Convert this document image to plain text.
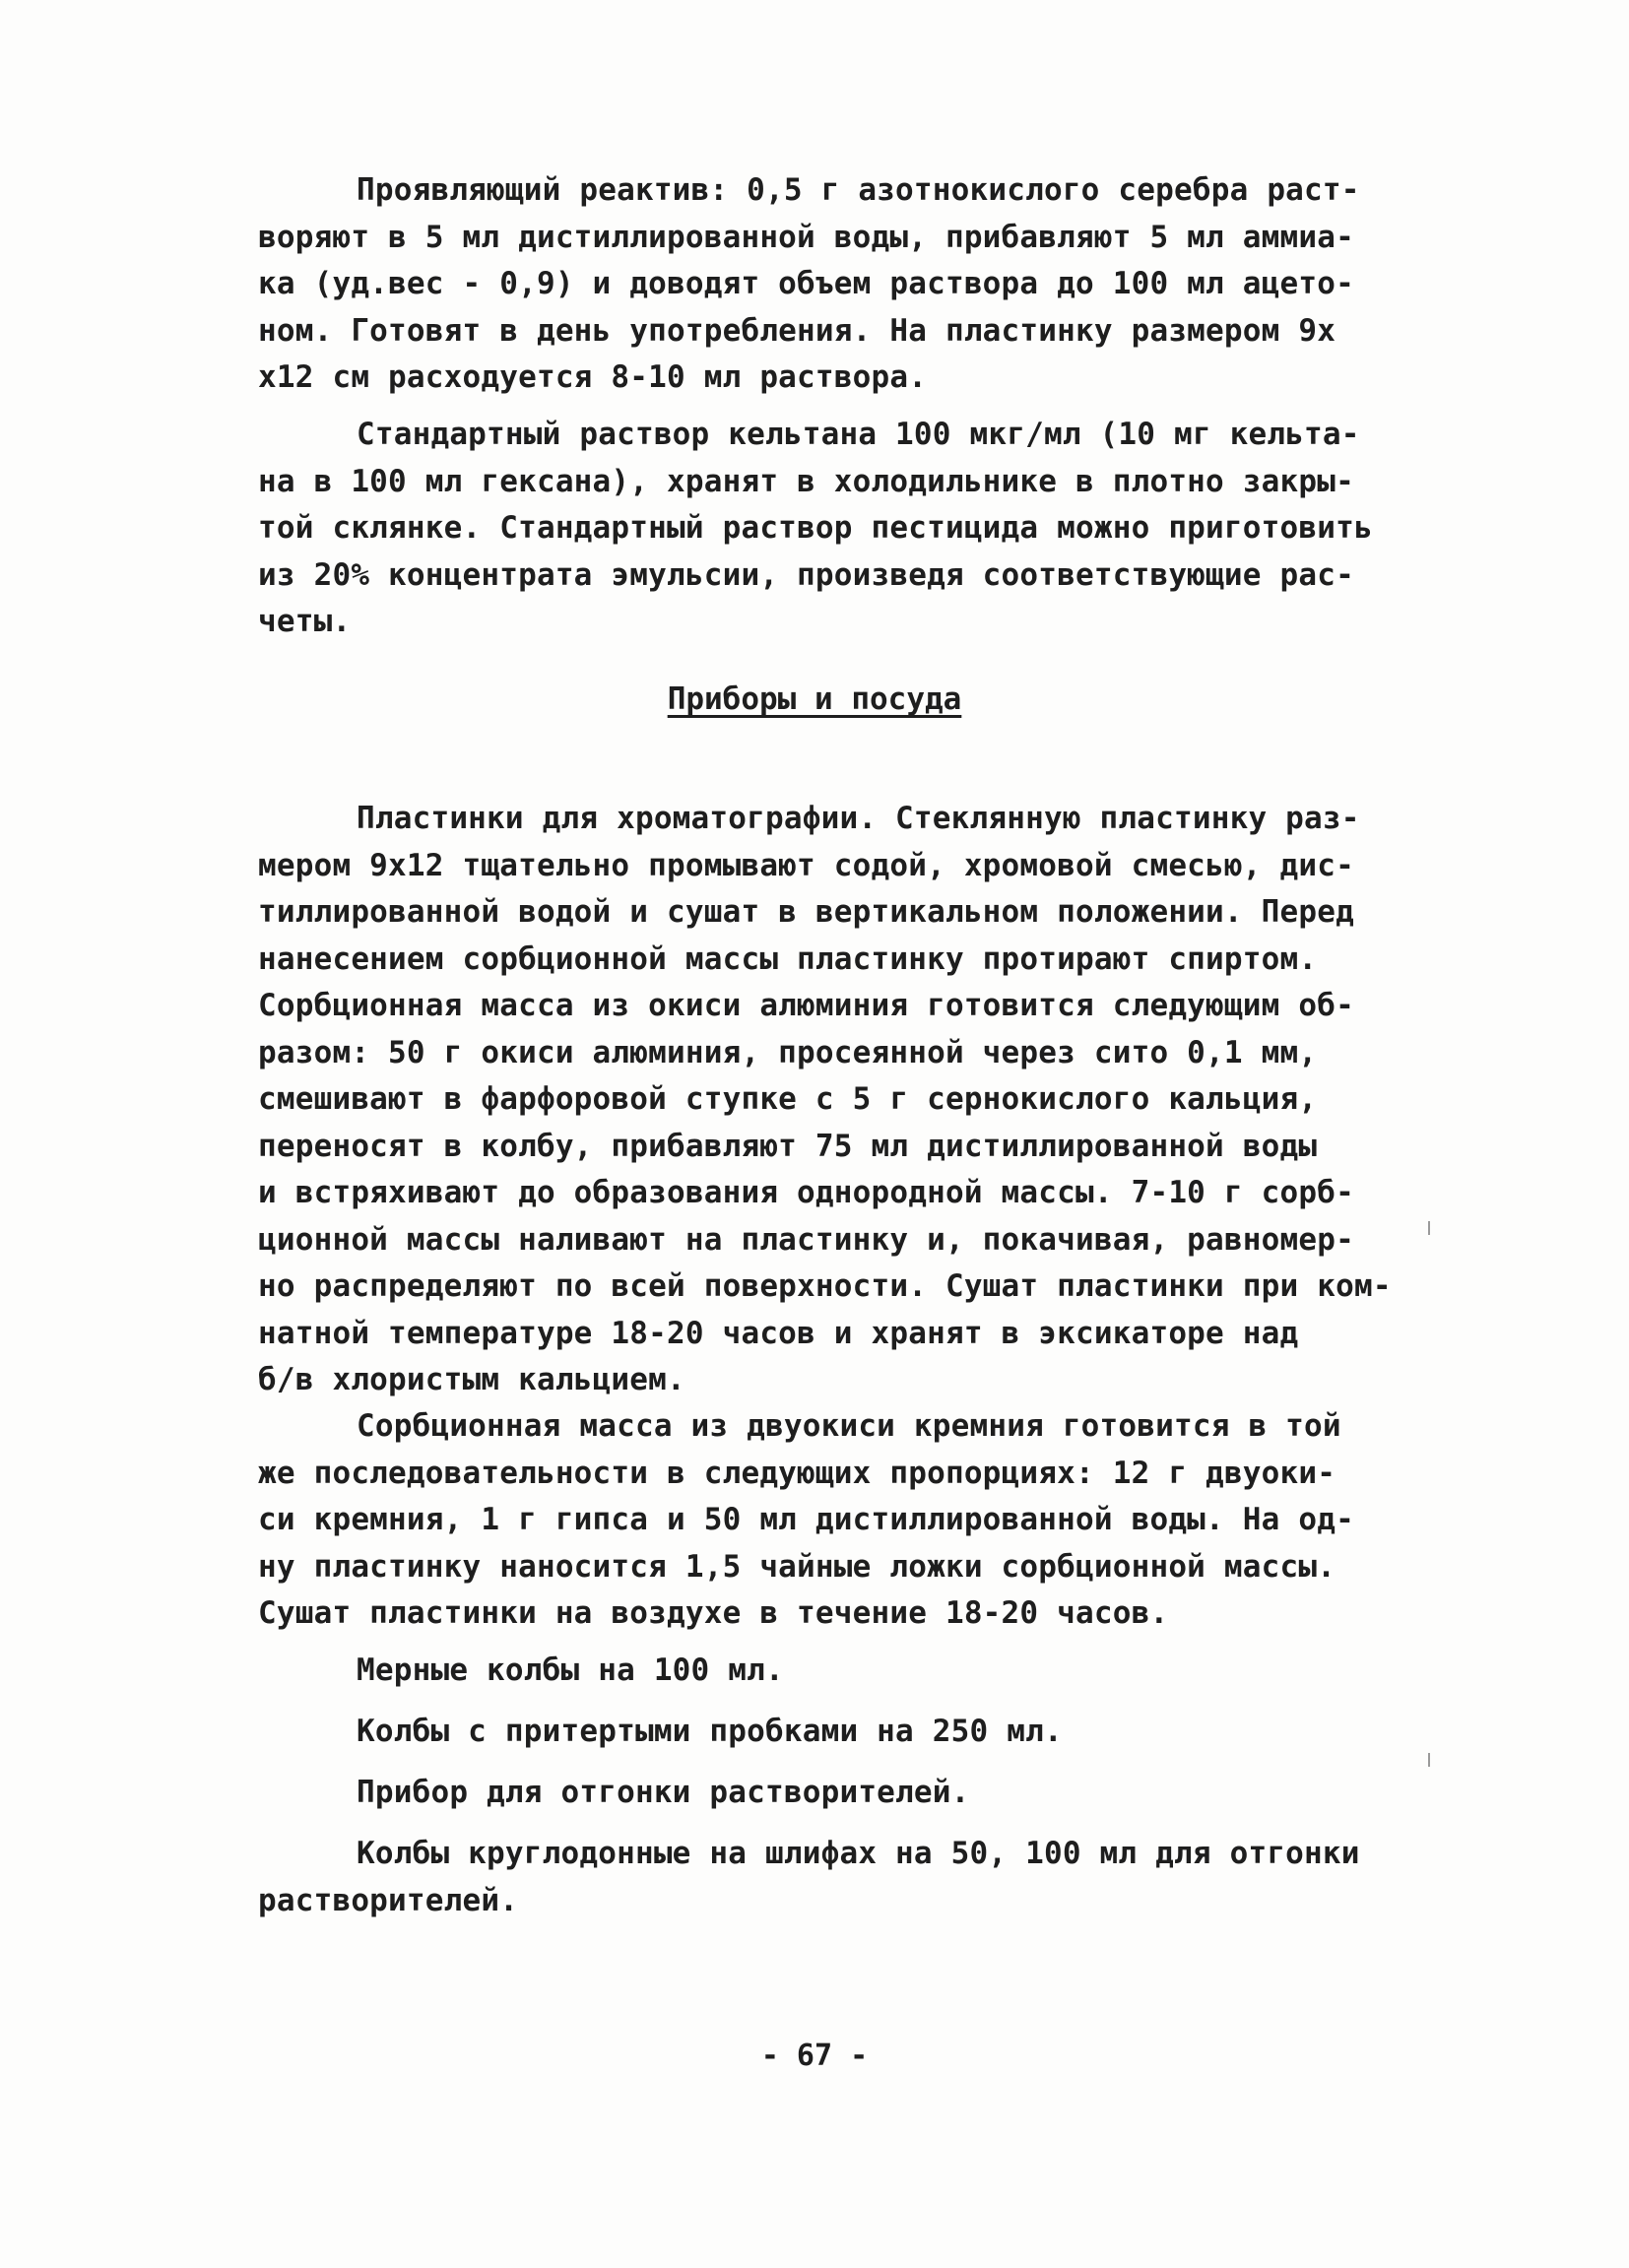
Проявляющий реактив: 0,5 г азотнокислого серебра раст-
воряют в 5 мл дистиллированной воды, прибавляют 5 мл аммиа-
ка (уд.вес - 0,9) и доводят объем раствора до 100 мл ацето-
ном. Готовят в день употребления. На пластинку размером 9х
х12 см расходуется 8-10 мл раствора.
Стандартный раствор кельтана 100 мкг/мл (10 мг кельта-
на в 100 мл гексана), хранят в холодильнике в плотно закры-
той склянке. Стандартный раствор пестицида можно приготовить
из 20% концентрата эмульсии, произведя соответствующие рас-
четы.
Приборы и посуда
Пластинки для хроматографии. Стеклянную пластинку раз-
мером 9х12 тщательно промывают содой, хромовой смесью, дис-
тиллированной водой и сушат в вертикальном положении. Перед
нанесением сорбционной массы пластинку протирают спиртом.
Сорбционная масса из окиси алюминия готовится следующим об-
разом: 50 г окиси алюминия, просеянной через сито 0,1 мм,
смешивают в фарфоровой ступке с 5 г сернокислого кальция,
переносят в колбу, прибавляют 75 мл дистиллированной воды
и встряхивают до образования однородной массы. 7-10 г сорб-
ционной массы наливают на пластинку и, покачивая, равномер-
но распределяют по всей поверхности. Сушат пластинки при ком-
натной температуре 18-20 часов и хранят в эксикаторе над
б/в хлористым кальцием.
Сорбционная масса из двуокиси кремния готовится в той
же последовательности в следующих пропорциях: 12 г двуоки-
си кремния, 1 г гипса и 50 мл дистиллированной воды. На од-
ну пластинку наносится 1,5 чайные ложки сорбционной массы.
Сушат пластинки на воздухе в течение 18-20 часов.
Мерные колбы на 100 мл.
Колбы с притертыми пробками на 250 мл.
Прибор для отгонки растворителей.
Колбы круглодонные на шлифах на 50, 100 мл для отгонки
растворителей.
- 67 -
